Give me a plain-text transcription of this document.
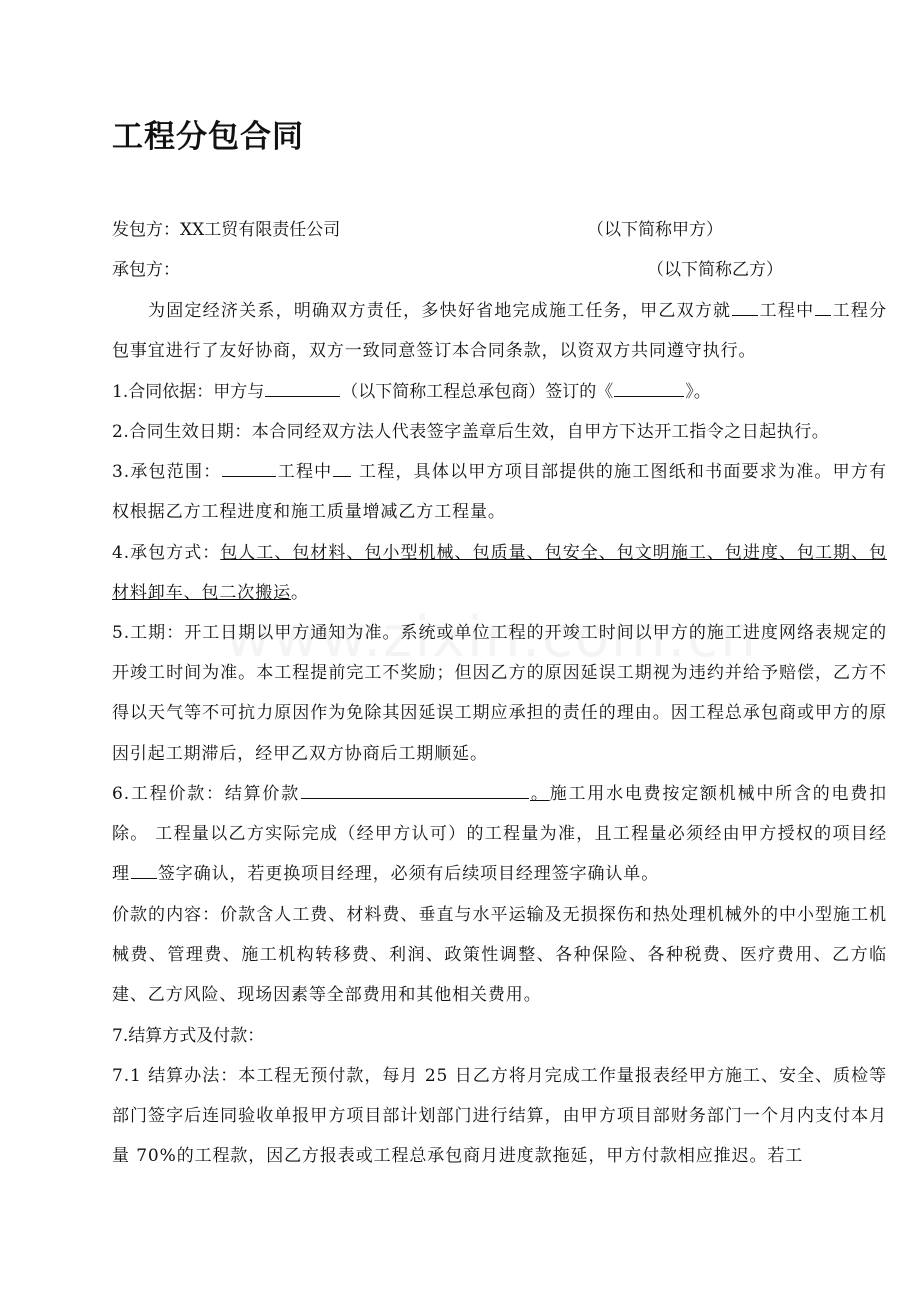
工程分包合同
发包方：XX工贸有限责任公司	（以下简称甲方）
承包方：	（以下简称乙方）
为固定经济关系，明确双方责任，多快好省地完成施工任务，甲乙双方就 工程中 工程分包事宜进行了友好协商，双方一致同意签订本合同条款，以资双方共同遵守执行。
1.合同依据：甲方与	（以下简称工程总承包商）签订的《	》。
2.合同生效日期：本合同经双方法人代表签字盖章后生效，自甲方下达开工指令之日起执行。
3.承包范围：	工程中 工程，具体以甲方项目部提供的施工图纸和书面要求为准。甲方有权根据乙方工程进度和施工质量增减乙方工程量。
4.承包方式：包人工、包材料、包小型机械、包质量、包安全、包文明施工、包进度、包工期、包材料卸车、包二次搬运。
5.工期：开工日期以甲方通知为准。系统或单位工程的开竣工时间以甲方的施工进度网络表规定的开竣工时间为准。本工程提前完工不奖励；但因乙方的原因延误工期视为违约并给予赔偿，乙方不得以天气等不可抗力原因作为免除其因延误工期应承担的责任的理由。因工程总承包商或甲方的原因引起工期滞后，经甲乙双方协商后工期顺延。
6.工程价款：结算价款	。施工用水电费按定额机械中所含的电费扣除。 工程量以乙方实际完成（经甲方认可）的工程量为准，且工程量必须经由甲方授权的项目经理 签字确认，若更换项目经理，必须有后续项目经理签字确认单。
价款的内容：价款含人工费、材料费、垂直与水平运输及无损探伤和热处理机械外的中小型施工机械费、管理费、施工机构转移费、利润、政策性调整、各种保险、各种税费、医疗费用、乙方临建、乙方风险、现场因素等全部费用和其他相关费用。
7.结算方式及付款：
7.1 结算办法：本工程无预付款，每月 25 日乙方将月完成工作量报表经甲方施工、安全、质检等部门签字后连同验收单报甲方项目部计划部门进行结算，由甲方项目部财务部门一个月内支付本月量 70%的工程款，因乙方报表或工程总承包商月进度款拖延，甲方付款相应推迟。若工
